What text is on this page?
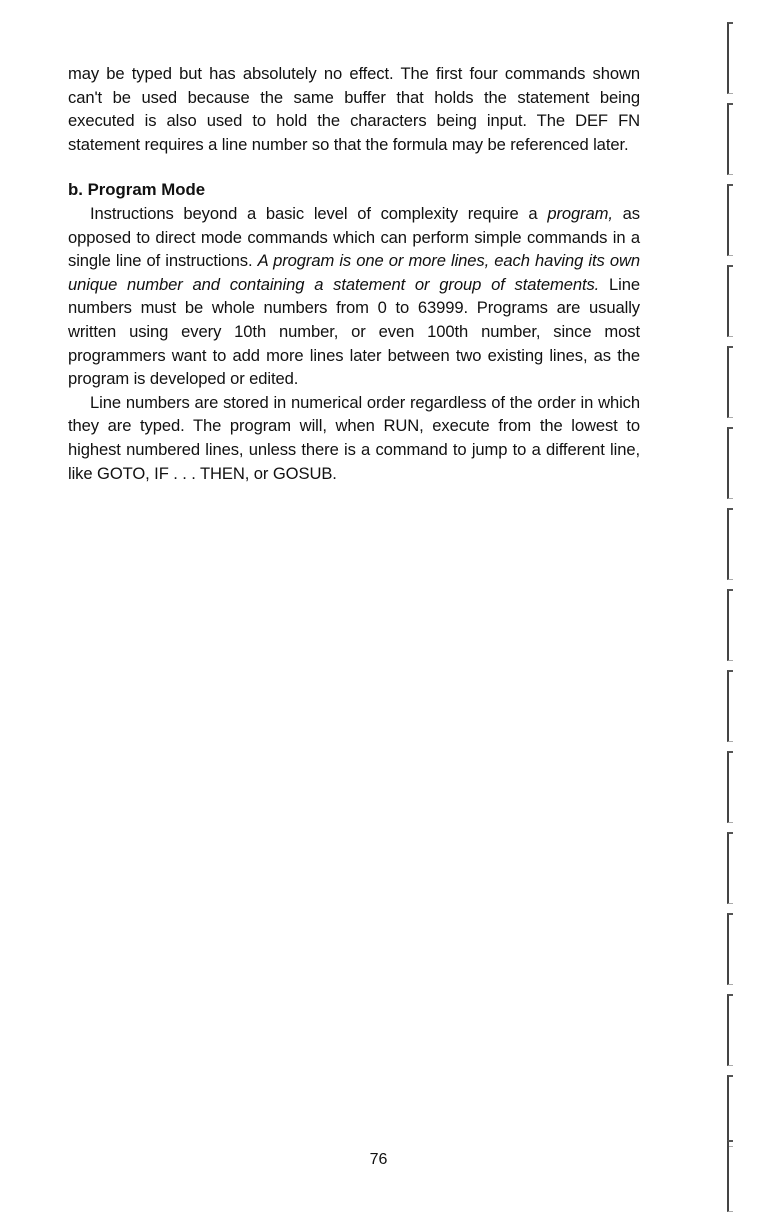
may be typed but has absolutely no effect. The first four commands shown can't be used because the same buffer that holds the statement being executed is also used to hold the characters being input. The DEF FN statement requires a line number so that the formula may be referenced later.

b. Program Mode

Instructions beyond a basic level of complexity require a program, as opposed to direct mode commands which can perform simple commands in a single line of instructions. A program is one or more lines, each having its own unique number and containing a statement or group of statements. Line numbers must be whole numbers from 0 to 63999. Programs are usually written using every 10th number, or even 100th number, since most programmers want to add more lines later between two existing lines, as the program is developed or edited.

Line numbers are stored in numerical order regardless of the order in which they are typed. The program will, when RUN, execute from the lowest to highest numbered lines, unless there is a command to jump to a different line, like GOTO, IF . . . THEN, or GOSUB.

76
